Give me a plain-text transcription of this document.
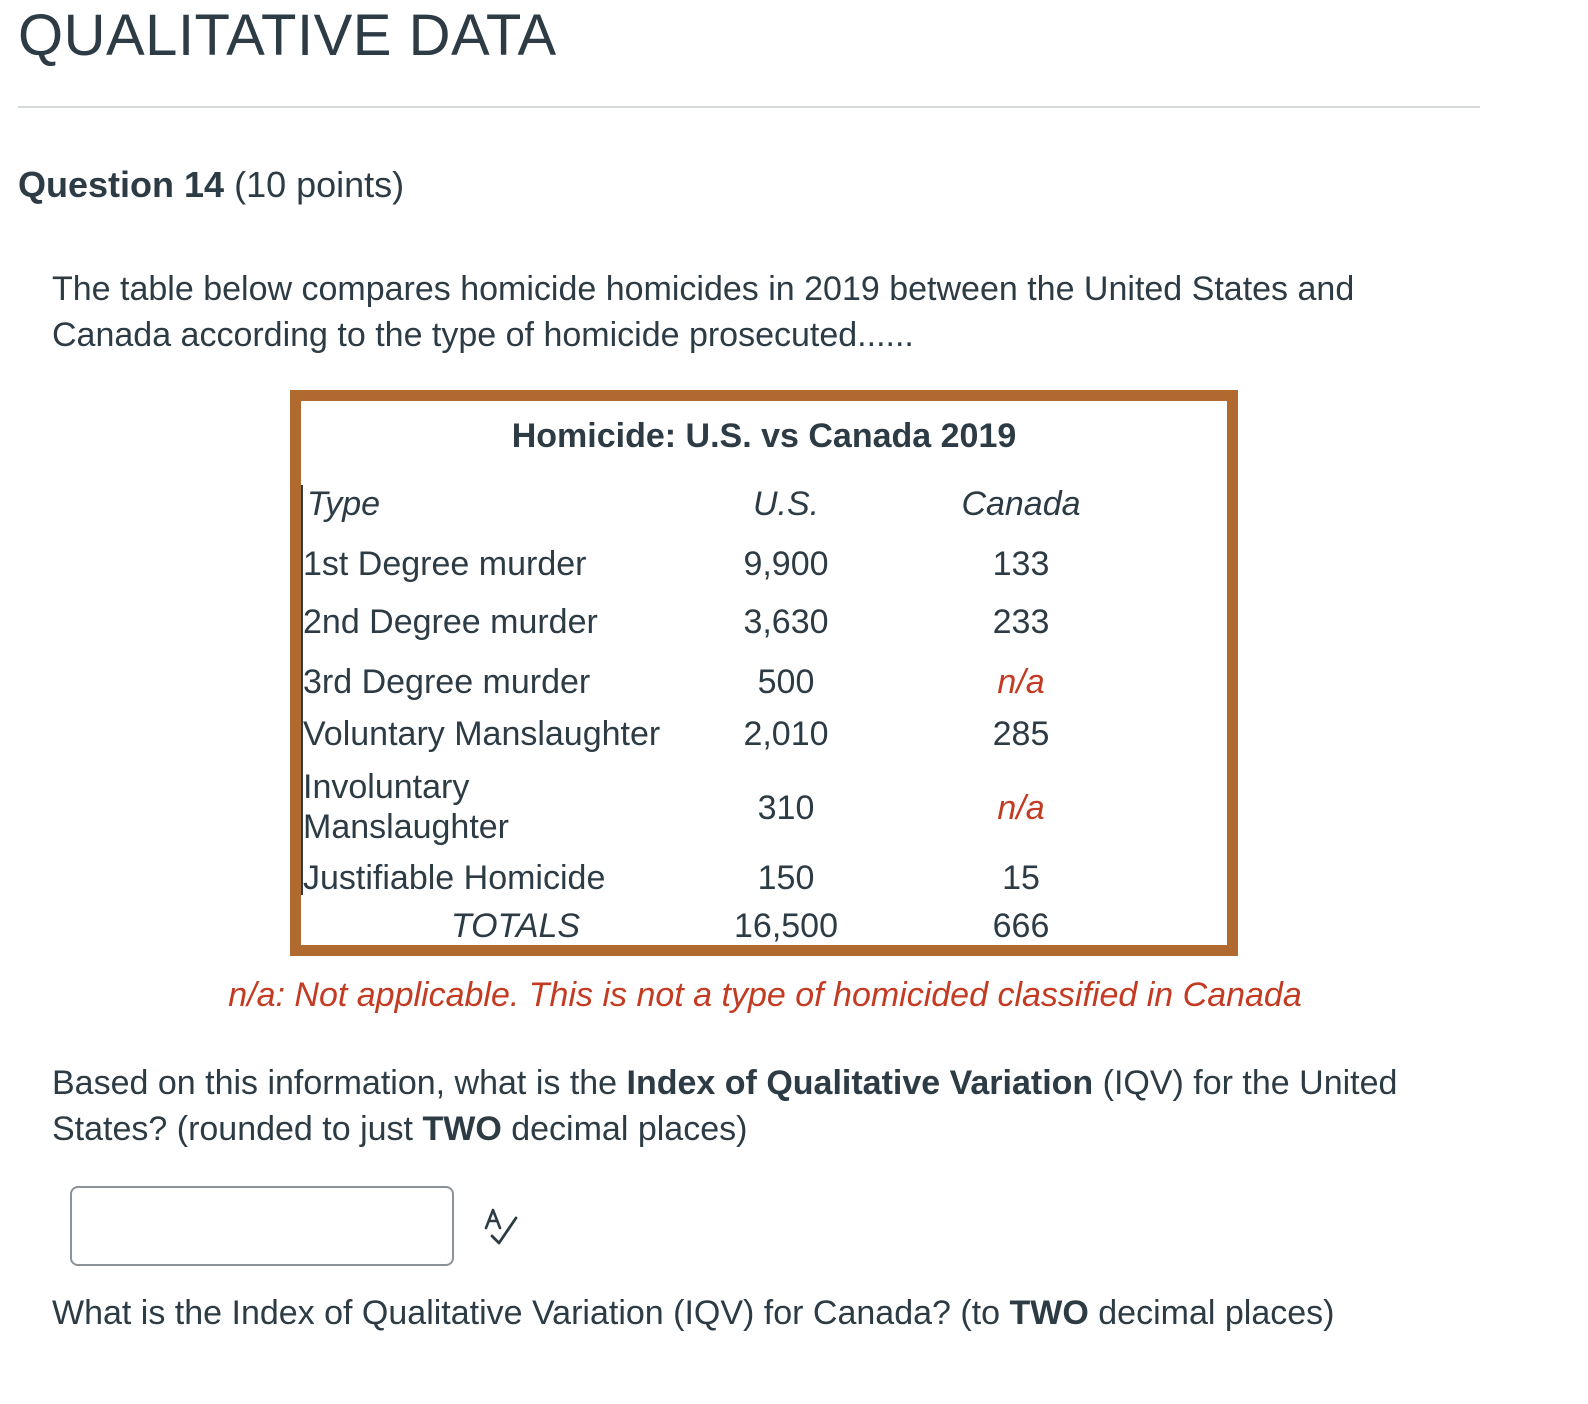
QUALITATIVE DATA
Question 14 (10 points)

The table below compares homicide homicides in 2019 between the United States and Canada according to the type of homicide prosecuted......

Homicide: U.S. vs Canada 2019
Type	U.S.	Canada
1st Degree murder	9,900	133
2nd Degree murder	3,630	233
3rd Degree murder	500	n/a
Voluntary Manslaughter	2,010	285
Involuntary Manslaughter	310	n/a
Justifiable Homicide	150	15
TOTALS	16,500	666
n/a: Not applicable. This is not a type of homicided classified in Canada

Based on this information, what is the Index of Qualitative Variation (IQV) for the United States? (rounded to just TWO decimal places)

What is the Index of Qualitative Variation (IQV) for Canada? (to TWO decimal places)
